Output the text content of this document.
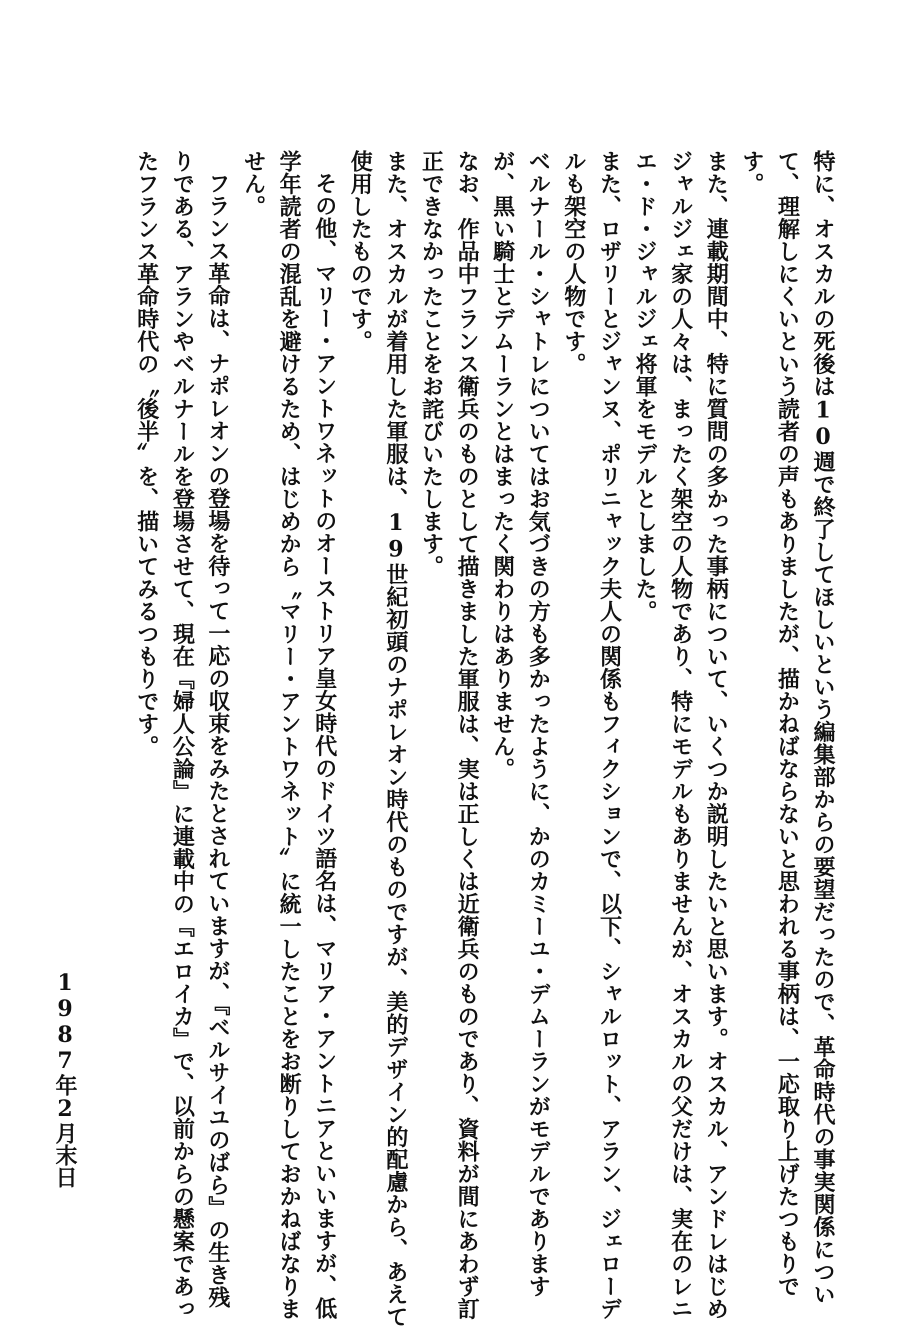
特に、オスカルの死後は10週で終了してほしいという編集部からの要望だったので、革命時代の事実関係について、理解しにくいという読者の声もありましたが、描かねばならないと思われる事柄は、一応取り上げたつもりです。

また、連載期間中、特に質問の多かった事柄について、いくつか説明したいと思います。オスカル、アンドレはじめジャルジェ家の人々は、まったく架空の人物であり、特にモデルもありませんが、オスカルの父だけは、実在のレニエ・ド・ジャルジェ将軍をモデルとしました。

また、ロザリーとジャンヌ、ポリニャック夫人の関係もフィクションで、以下、シャルロット、アラン、ジェローデルも架空の人物です。

ベルナール・シャトレについてはお気づきの方も多かったように、かのカミーユ・デムーランがモデルでありますが、黒い騎士とデムーランとはまったく関わりはありません。

なお、作品中フランス衛兵のものとして描きました軍服は、実は正しくは近衛兵のものであり、資料が間にあわず訂正できなかったことをお詫びいたします。

また、オスカルが着用した軍服は、19世紀初頭のナポレオン時代のものですが、美的デザイン的配慮から、あえて使用したものです。

その他、マリー・アントワネットのオーストリア皇女時代のドイツ語名は、マリア・アントニアといいますが、低学年読者の混乱を避けるため、はじめから〝マリー・アントワネット〟に統一したことをお断りしておかねばなりません。

フランス革命は、ナポレオンの登場を待って一応の収束をみたとされていますが、『ベルサイユのばら』の生き残りである、アランやベルナールを登場させて、現在『婦人公論』に連載中の『エロイカ』で、以前からの懸案であったフランス革命時代の〝後半〟を、描いてみるつもりです。

1987年2月末日
